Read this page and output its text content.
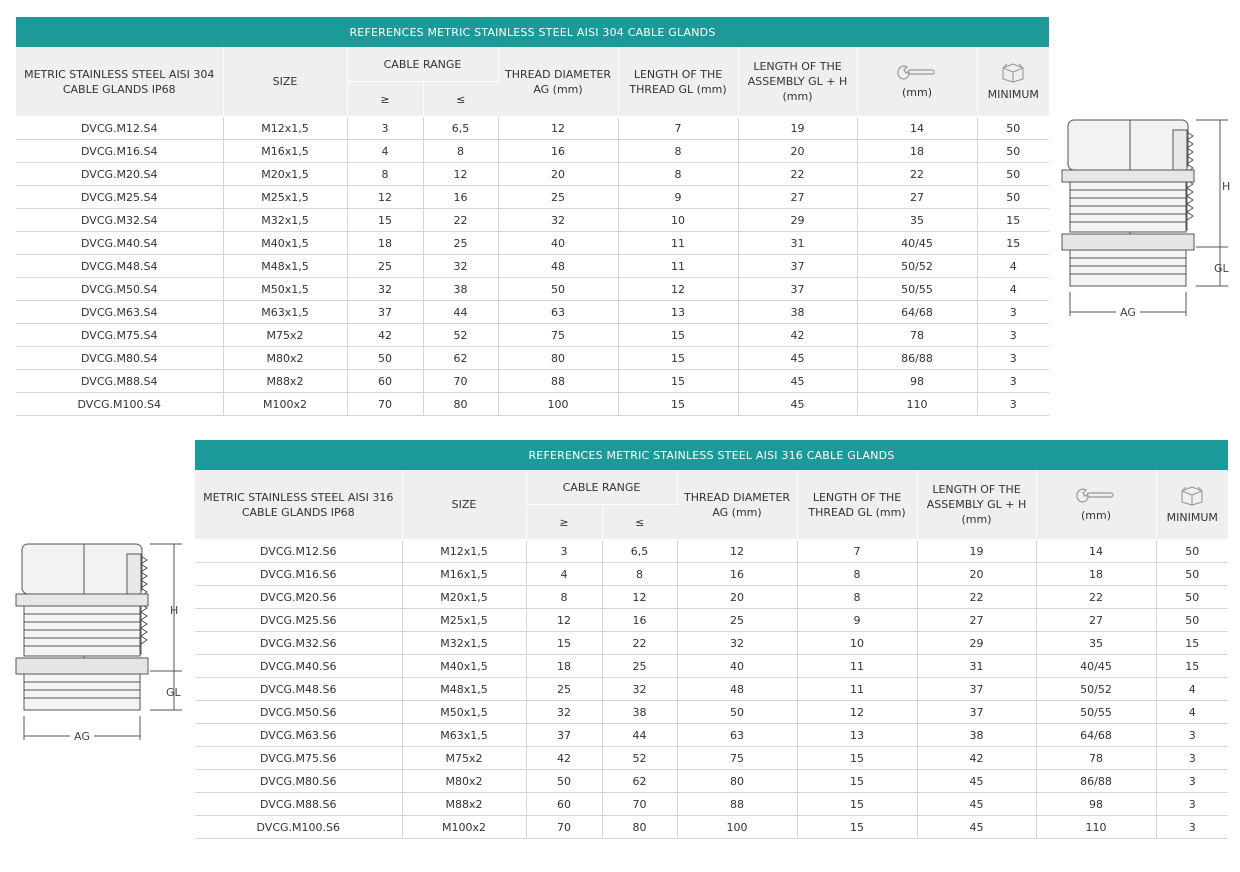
REFERENCES METRIC STAINLESS STEEL AISI 304 CABLE GLANDS
METRIC STAINLESS STEEL AISI 304 CABLE GLANDS IP68	SIZE	CABLE RANGE		THREAD DIAMETER AG (mm)	LENGTH OF THE THREAD GL (mm)	LENGTH OF THE ASSEMBLY GL + H (mm)	(mm)	MINIMUM
		≥	≤					
DVCG.M12.S4	M12x1,5	3	6,5	12	7	19	14	50
DVCG.M16.S4	M16x1,5	4	8	16	8	20	18	50
DVCG.M20.S4	M20x1,5	8	12	20	8	22	22	50
DVCG.M25.S4	M25x1,5	12	16	25	9	27	27	50
DVCG.M32.S4	M32x1,5	15	22	32	10	29	35	15
DVCG.M40.S4	M40x1,5	18	25	40	11	31	40/45	15
DVCG.M48.S4	M48x1,5	25	32	48	11	37	50/52	4
DVCG.M50.S4	M50x1,5	32	38	50	12	37	50/55	4
DVCG.M63.S4	M63x1,5	37	44	63	13	38	64/68	3
DVCG.M75.S4	M75x2	42	52	75	15	42	78	3
DVCG.M80.S4	M80x2	50	62	80	15	45	86/88	3
DVCG.M88.S4	M88x2	60	70	88	15	45	98	3
DVCG.M100.S4	M100x2	70	80	100	15	45	110	3
H
GL
AG
REFERENCES METRIC STAINLESS STEEL AISI 316 CABLE GLANDS
METRIC STAINLESS STEEL AISI 316 CABLE GLANDS IP68	SIZE	CABLE RANGE		THREAD DIAMETER AG (mm)	LENGTH OF THE THREAD GL (mm)	LENGTH OF THE ASSEMBLY GL + H (mm)	(mm)	MINIMUM
		≥	≤					
DVCG.M12.S6	M12x1,5	3	6,5	12	7	19	14	50
DVCG.M16.S6	M16x1,5	4	8	16	8	20	18	50
DVCG.M20.S6	M20x1,5	8	12	20	8	22	22	50
DVCG.M25.S6	M25x1,5	12	16	25	9	27	27	50
DVCG.M32.S6	M32x1,5	15	22	32	10	29	35	15
DVCG.M40.S6	M40x1,5	18	25	40	11	31	40/45	15
DVCG.M48.S6	M48x1,5	25	32	48	11	37	50/52	4
DVCG.M50.S6	M50x1,5	32	38	50	12	37	50/55	4
DVCG.M63.S6	M63x1,5	37	44	63	13	38	64/68	3
DVCG.M75.S6	M75x2	42	52	75	15	42	78	3
DVCG.M80.S6	M80x2	50	62	80	15	45	86/88	3
DVCG.M88.S6	M88x2	60	70	88	15	45	98	3
DVCG.M100.S6	M100x2	70	80	100	15	45	110	3
H
GL
AG
